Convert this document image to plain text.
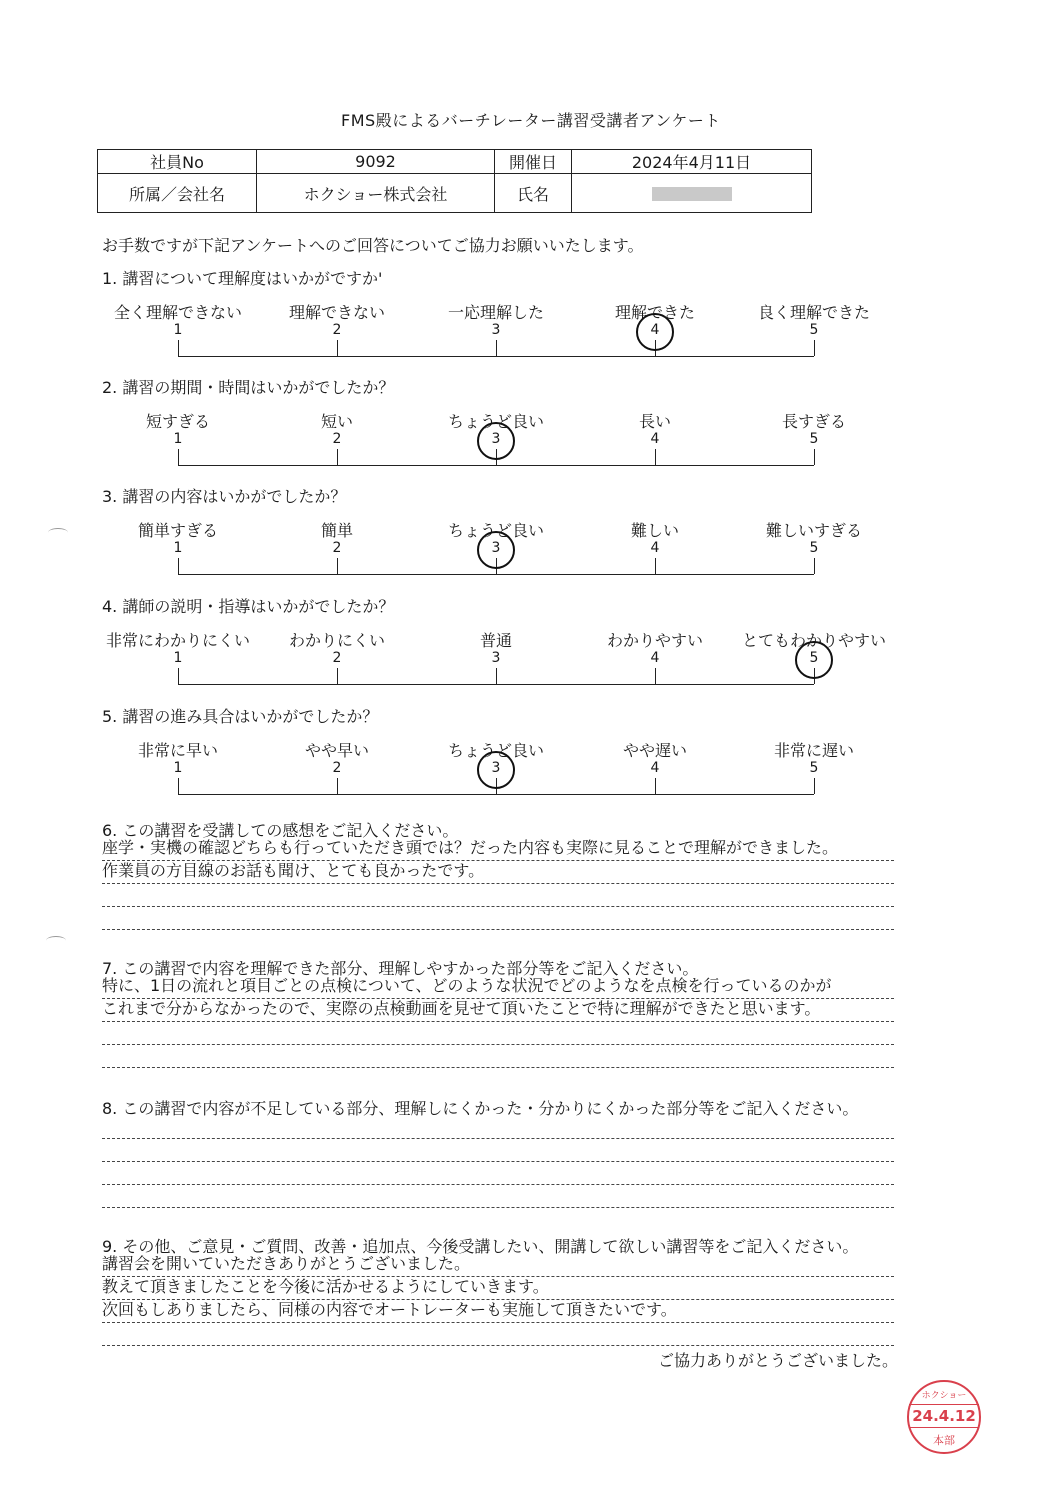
FMS殿によるバーチレーター講習受講者アンケート
社員No	9092	開催日	2024年4月11日
所属／会社名	ホクショー株式会社	氏名	
お手数ですが下記アンケートへのご回答についてご協力お願いいたします。
1. 講習について理解度はいかがですか'
全く理解できない
1
理解できない
2
一応理解した
3
理解できた
4
良く理解できた
5
2. 講習の期間・時間はいかがでしたか？
短すぎる
1
短い
2
ちょうど良い
3
長い
4
長すぎる
5
3. 講習の内容はいかがでしたか？
簡単すぎる
1
簡単
2
ちょうど良い
3
難しい
4
難しいすぎる
5
4. 講師の説明・指導はいかがでしたか？
非常にわかりにくい
1
わかりにくい
2
普通
3
わかりやすい
4
とてもわかりやすい
5
5. 講習の進み具合はいかがでしたか？
非常に早い
1
やや早い
2
ちょうど良い
3
やや遅い
4
非常に遅い
5
6. この講習を受講しての感想をご記入ください。
座学・実機の確認どちらも行っていただき頭では？だった内容も実際に見ることで理解ができました。
作業員の方目線のお話も聞け、とても良かったです。
7. この講習で内容を理解できた部分、理解しやすかった部分等をご記入ください。
特に、1日の流れと項目ごとの点検について、どのような状況でどのようなを点検を行っているのかが
これまで分からなかったので、実際の点検動画を見せて頂いたことで特に理解ができたと思います。
8. この講習で内容が不足している部分、理解しにくかった・分かりにくかった部分等をご記入ください。
9. その他、ご意見・ご質問、改善・追加点、今後受講したい、開講して欲しい講習等をご記入ください。
講習会を開いていただきありがとうございました。
教えて頂きましたことを今後に活かせるようにしていきます。
次回もしありましたら、同様の内容でオートレーターも実施して頂きたいです。
ご協力ありがとうございました。
ホクショー
24.4.12
本部
